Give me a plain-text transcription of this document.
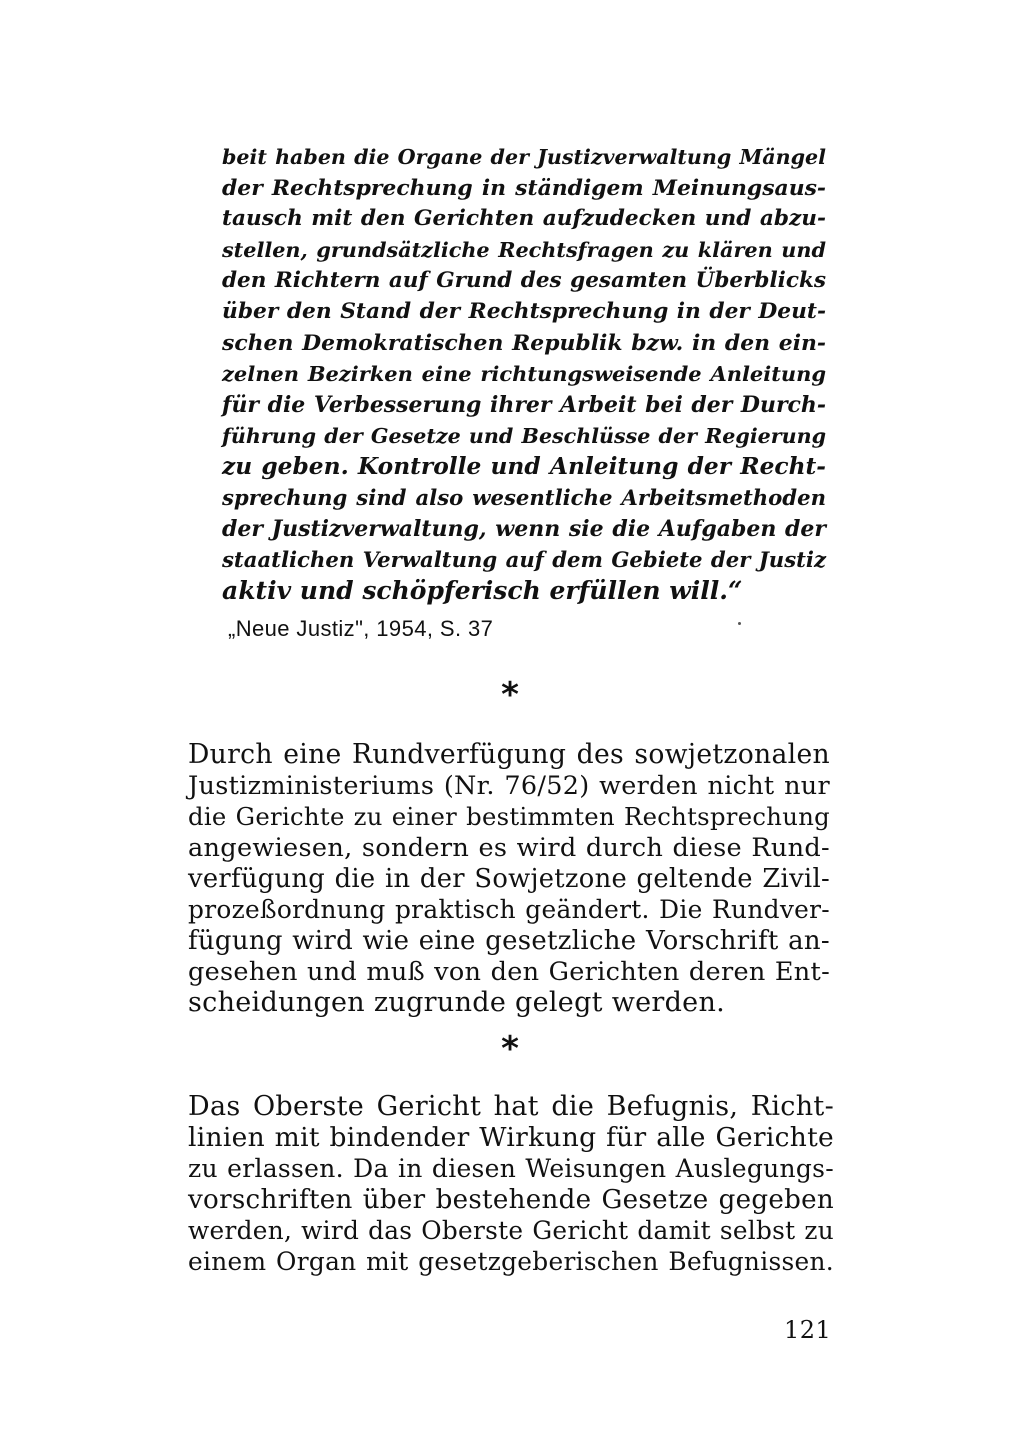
beit haben die Organe der Justizverwaltung Mängel
der Rechtsprechung in ständigem Meinungsaus-
tausch mit den Gerichten aufzudecken und abzu-
stellen, grundsätzliche Rechtsfragen zu klären und
den Richtern auf Grund des gesamten Überblicks
über den Stand der Rechtsprechung in der Deut-
schen Demokratischen Republik bzw. in den ein-
zelnen Bezirken eine richtungsweisende Anleitung
für die Verbesserung ihrer Arbeit bei der Durch-
führung der Gesetze und Beschlüsse der Regierung
zu geben. Kontrolle und Anleitung der Recht-
sprechung sind also wesentliche Arbeitsmethoden
der Justizverwaltung, wenn sie die Aufgaben der
staatlichen Verwaltung auf dem Gebiete der Justiz
aktiv und schöpferisch erfüllen will.“
„Neue Justiz", 1954, S. 37
*
Durch eine Rundverfügung des sowjetzonalen
Justizministeriums (Nr. 76/52) werden nicht nur
die Gerichte zu einer bestimmten Rechtsprechung
angewiesen, sondern es wird durch diese Rund-
verfügung die in der Sowjetzone geltende Zivil-
prozeßordnung praktisch geändert. Die Rundver-
fügung wird wie eine gesetzliche Vorschrift an-
gesehen und muß von den Gerichten deren Ent-
scheidungen zugrunde gelegt werden.
*
Das Oberste Gericht hat die Befugnis, Richt-
linien mit bindender Wirkung für alle Gerichte
zu erlassen. Da in diesen Weisungen Auslegungs-
vorschriften über bestehende Gesetze gegeben
werden, wird das Oberste Gericht damit selbst zu
einem Organ mit gesetzgeberischen Befugnissen.
121
